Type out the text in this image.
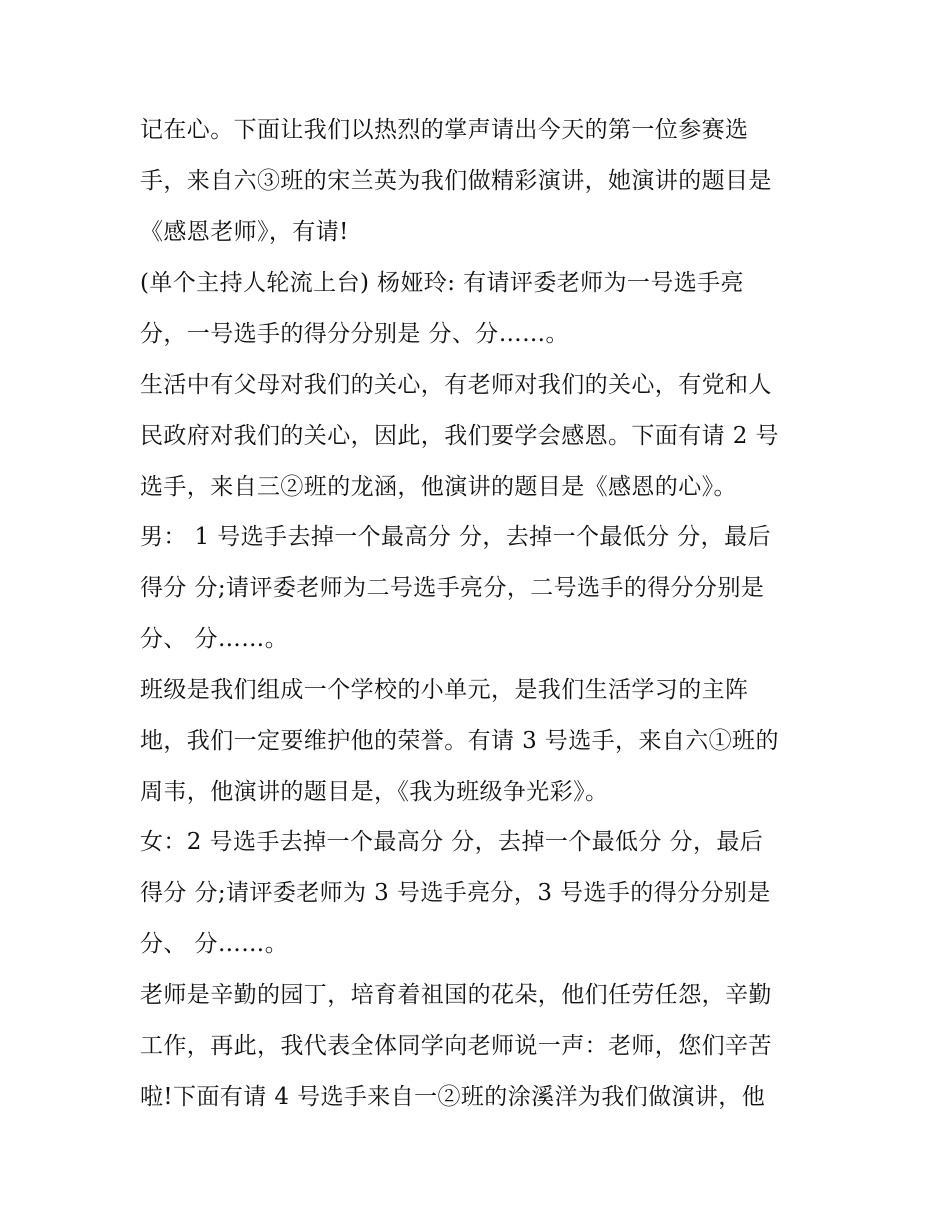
记在心。下面让我们以热烈的掌声请出今天的第一位参赛选
手，来自六③班的宋兰英为我们做精彩演讲，她演讲的题目是
《感恩老师》，有请!
(单个主持人轮流上台) 杨娅玲: 有请评委老师为一号选手亮
分，一号选手的得分分别是 分、分……。
生活中有父母对我们的关心，有老师对我们的关心，有党和人
民政府对我们的关心，因此，我们要学会感恩。下面有请 2 号
选手，来自三②班的龙涵，他演讲的题目是《感恩的心》。
男： 1 号选手去掉一个最高分 分，去掉一个最低分 分，最后
得分 分;请评委老师为二号选手亮分，二号选手的得分分别是
分、 分……。
班级是我们组成一个学校的小单元，是我们生活学习的主阵
地，我们一定要维护他的荣誉。有请 3 号选手，来自六①班的
周韦，他演讲的题目是，《我为班级争光彩》。
女：2 号选手去掉一个最高分 分，去掉一个最低分 分，最后
得分 分;请评委老师为 3 号选手亮分，3 号选手的得分分别是
分、 分……。
老师是辛勤的园丁，培育着祖国的花朵，他们任劳任怨，辛勤
工作，再此，我代表全体同学向老师说一声：老师，您们辛苦
啦!下面有请 4 号选手来自一②班的涂溪洋为我们做演讲，他
